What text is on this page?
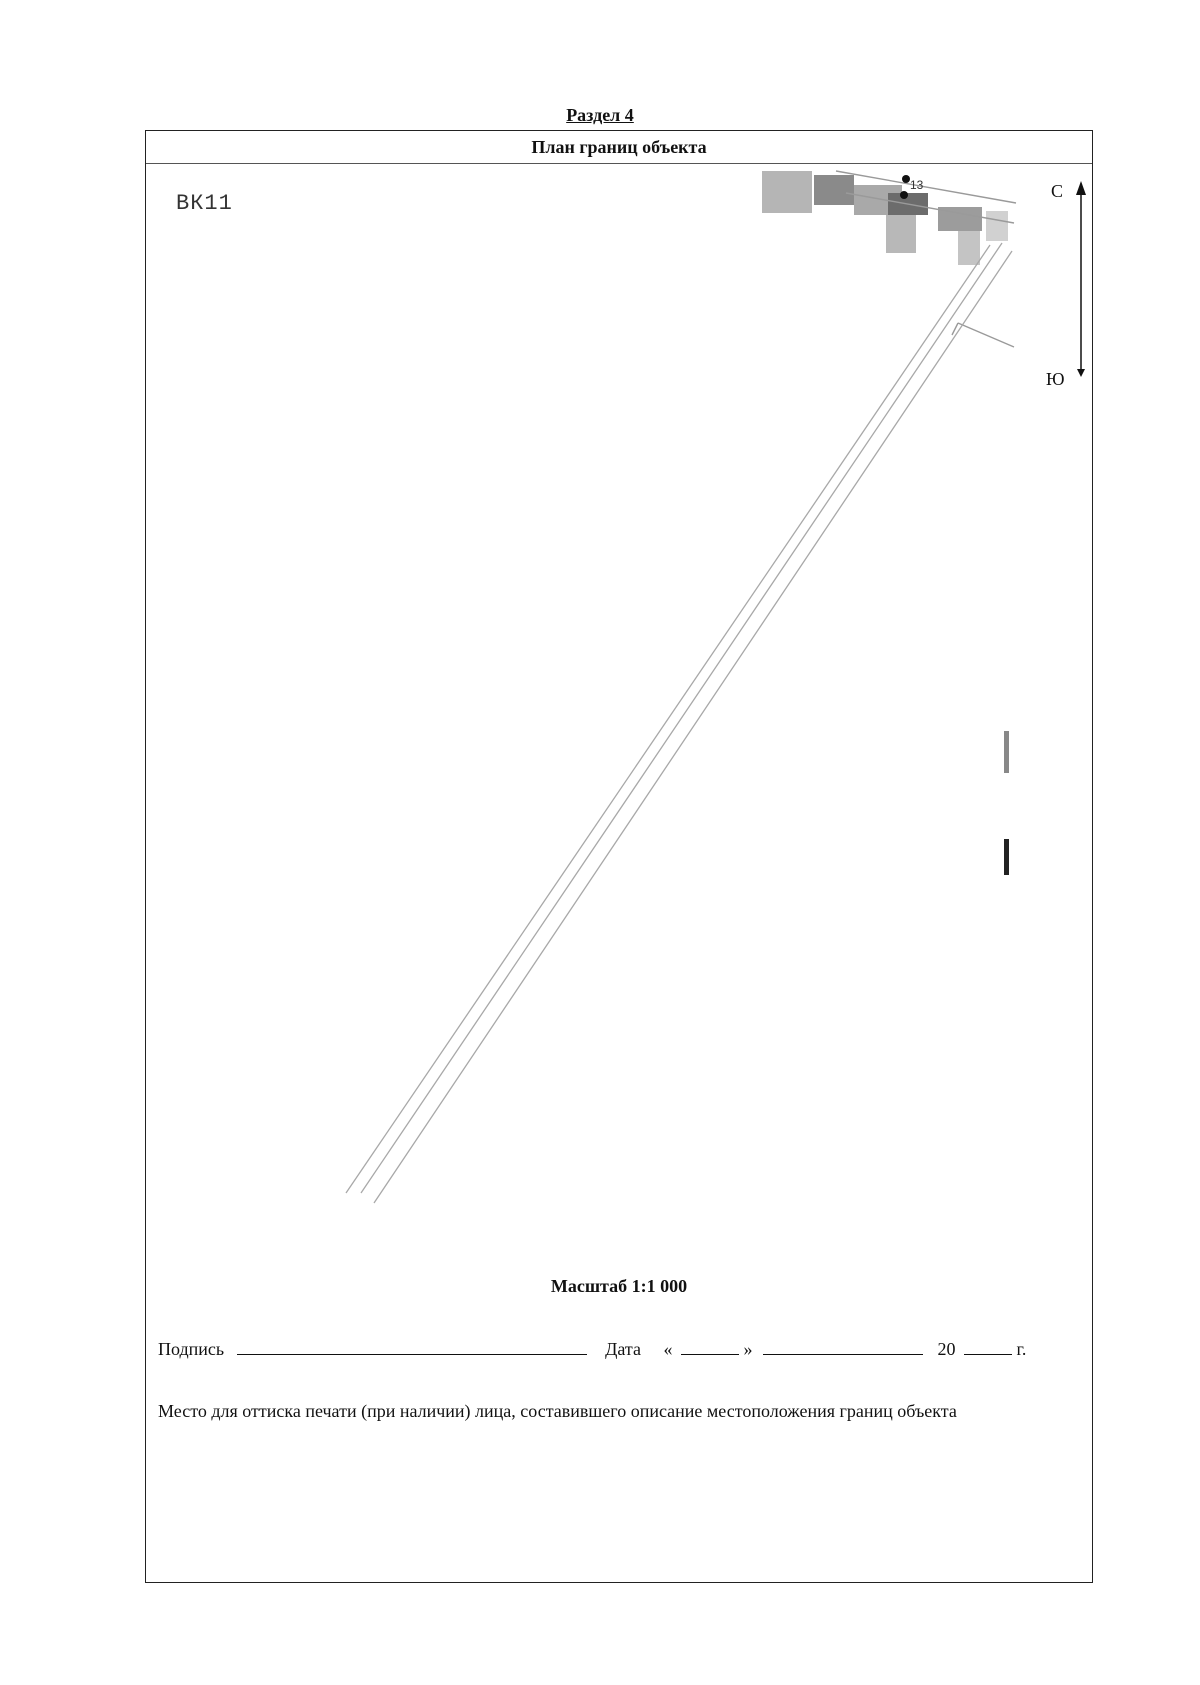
Раздел 4
План границ объекта
ВК11
13	С
Ю
Масштаб 1:1 000
Подпись	Дата «	»	20	г.
Место для оттиска печати (при наличии) лица, составившего описание местоположения границ объекта
